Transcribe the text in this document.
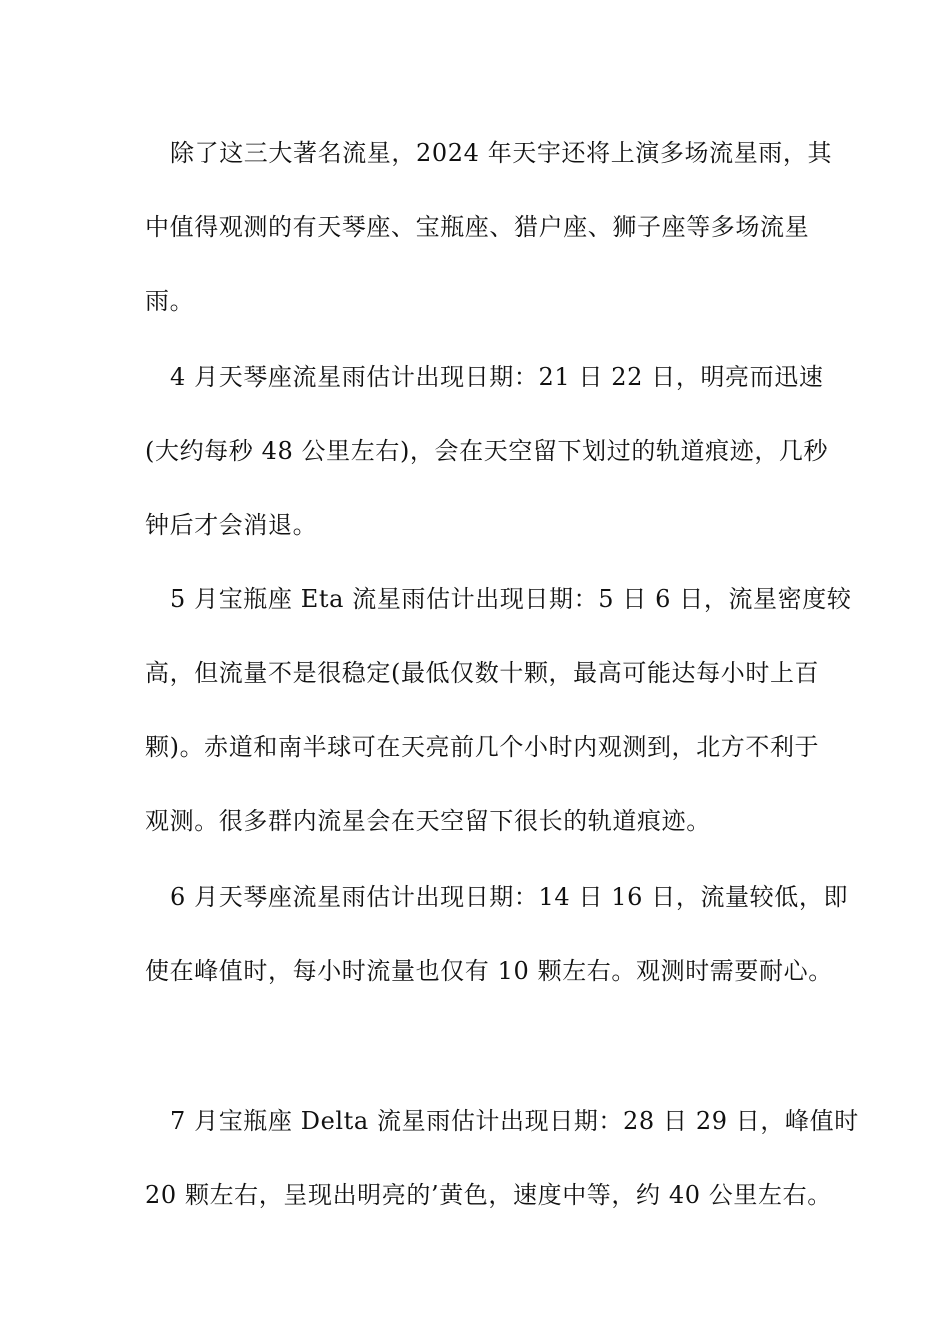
除了这三大著名流星，2024 年天宇还将上演多场流星雨，其
中值得观测的有天琴座、宝瓶座、猎户座、狮子座等多场流星
雨。
4 月天琴座流星雨估计出现日期：21 日 22 日，明亮而迅速
(大约每秒 48 公里左右)，会在天空留下划过的轨道痕迹，几秒
钟后才会消退。
5 月宝瓶座 Eta 流星雨估计出现日期：5 日 6 日，流星密度较
高，但流量不是很稳定(最低仅数十颗，最高可能达每小时上百
颗)。赤道和南半球可在天亮前几个小时内观测到，北方不利于
观测。很多群内流星会在天空留下很长的轨道痕迹。
6 月天琴座流星雨估计出现日期：14 日 16 日，流量较低，即
使在峰值时，每小时流量也仅有 10 颗左右。观测时需要耐心。
7 月宝瓶座 Delta 流星雨估计出现日期：28 日 29 日，峰值时
20 颗左右，呈现出明亮的’黄色，速度中等，约 40 公里左右。
